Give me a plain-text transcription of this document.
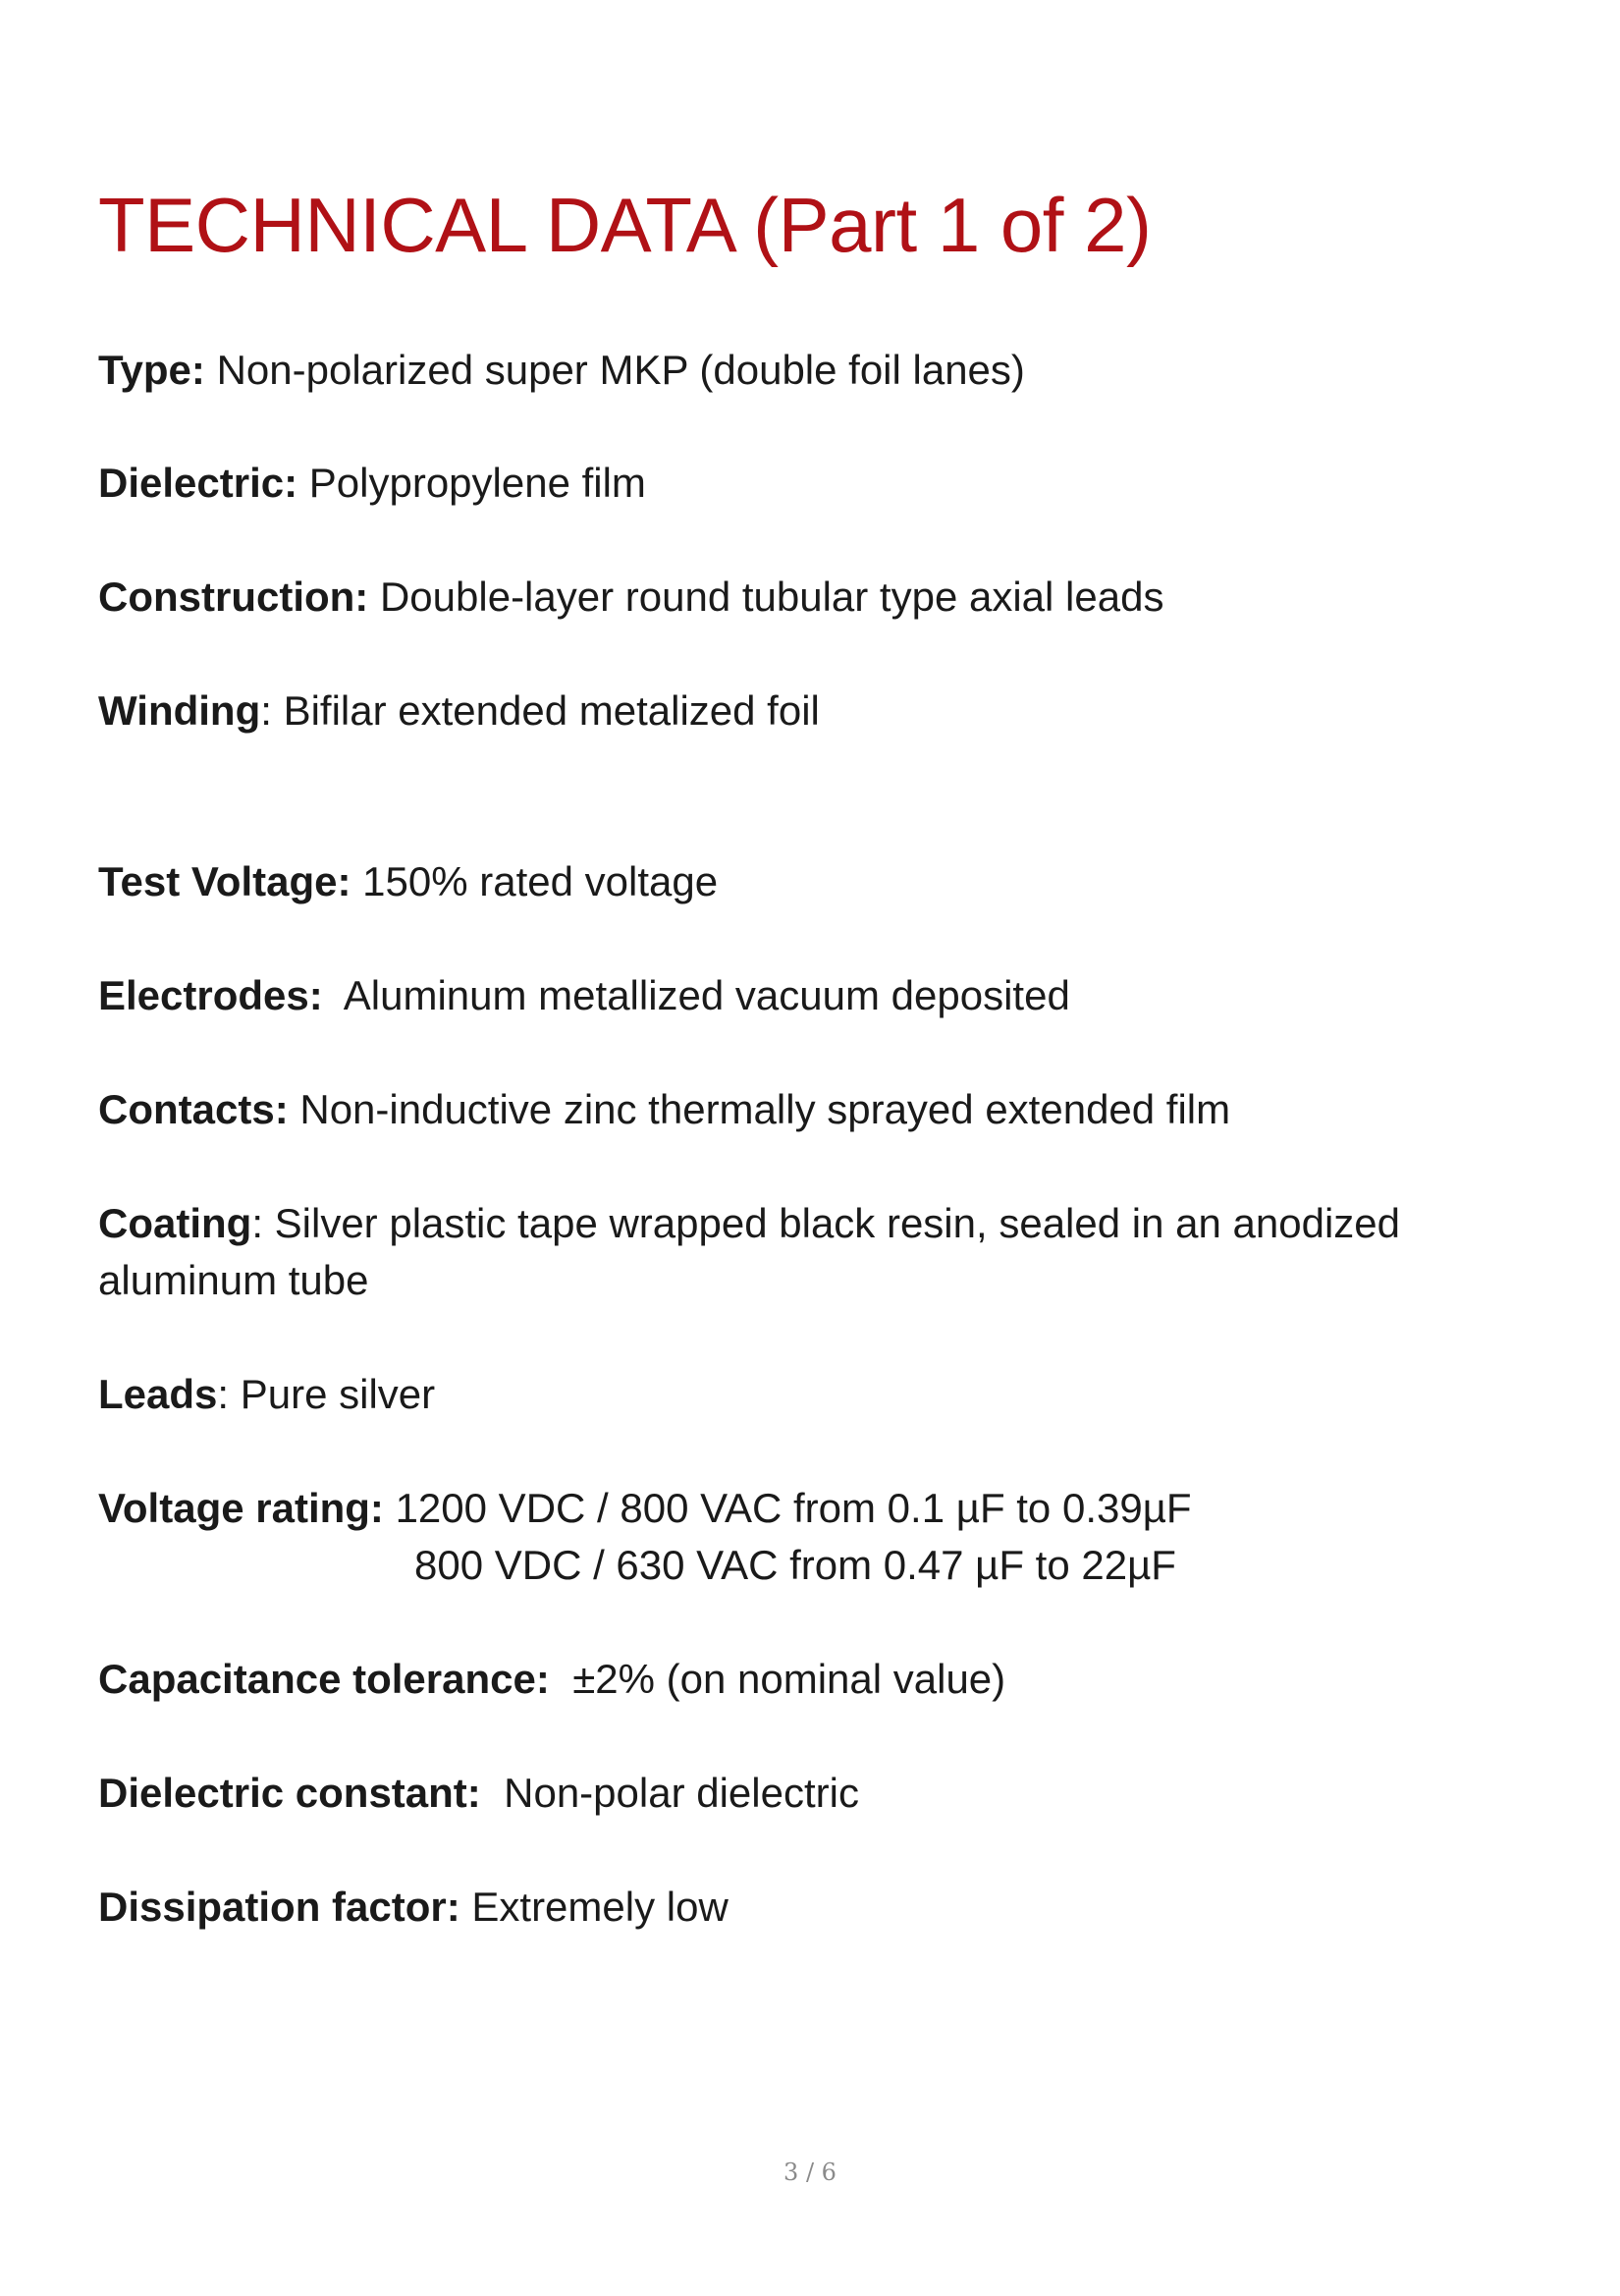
TECHNICAL DATA (Part 1 of 2)

Type: Non-polarized super MKP (double foil lanes)

Dielectric: Polypropylene film

Construction: Double-layer round tubular type axial leads

Winding: Bifilar extended metalized foil

Test Voltage: 150% rated voltage

Electrodes: Aluminum metallized vacuum deposited

Contacts: Non-inductive zinc thermally sprayed extended film

Coating: Silver plastic tape wrapped black resin, sealed in an anodized
aluminum tube

Leads: Pure silver

Voltage rating: 1200 VDC / 800 VAC from 0.1 µF to 0.39µF
800 VDC / 630 VAC from 0.47 µF to 22µF

Capacitance tolerance: ±2% (on nominal value)

Dielectric constant: Non-polar dielectric

Dissipation factor: Extremely low

3 / 6
